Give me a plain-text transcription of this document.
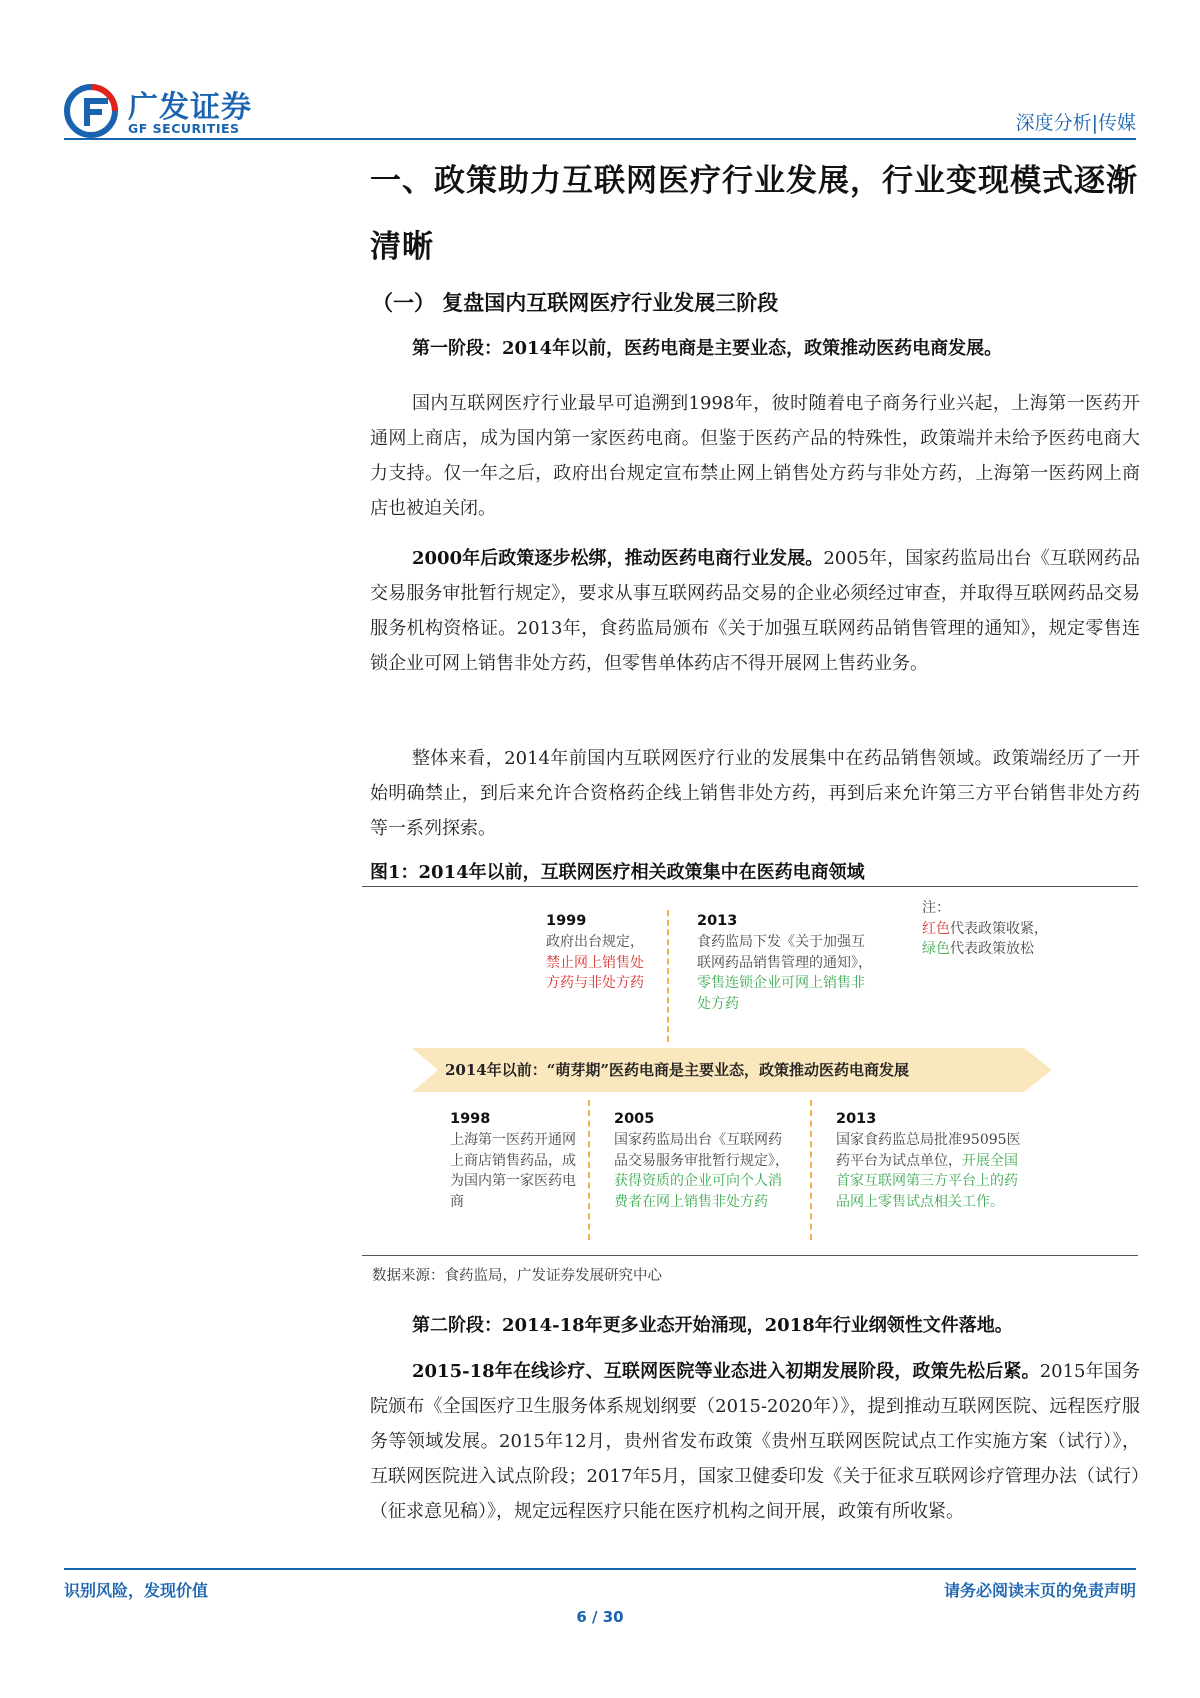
广发证券
GF SECURITIES	深度分析|传媒
一、政策助力互联网医疗行业发展，行业变现模式逐渐清晰
（一） 复盘国内互联网医疗行业发展三阶段
第一阶段：2014年以前，医药电商是主要业态，政策推动医药电商发展。

国内互联网医疗行业最早可追溯到1998年，彼时随着电子商务行业兴起，上海第一医药开通网上商店，成为国内第一家医药电商。但鉴于医药产品的特殊性，政策端并未给予医药电商大力支持。仅一年之后，政府出台规定宣布禁止网上销售处方药与非处方药，上海第一医药网上商店也被迫关闭。

2000年后政策逐步松绑，推动医药电商行业发展。2005年，国家药监局出台《互联网药品交易服务审批暂行规定》，要求从事互联网药品交易的企业必须经过审查，并取得互联网药品交易服务机构资格证。2013年，食药监局颁布《关于加强互联网药品销售管理的通知》，规定零售连锁企业可网上销售非处方药，但零售单体药店不得开展网上售药业务。

整体来看，2014年前国内互联网医疗行业的发展集中在药品销售领域。政策端经历了一开始明确禁止，到后来允许合资格药企线上销售非处方药，再到后来允许第三方平台销售非处方药等一系列探索。

图1：2014年以前，互联网医疗相关政策集中在医药电商领域
1999
政府出台规定，禁止网上销售处方药与非处方药
2013
食药监局下发《关于加强互联网药品销售管理的通知》，零售连锁企业可网上销售非处方药
注：
红色代表政策收紧，
绿色代表政策放松
2014年以前：“萌芽期”医药电商是主要业态，政策推动医药电商发展
1998
上海第一医药开通网上商店销售药品，成为国内第一家医药电商
2005
国家药监局出台《互联网药品交易服务审批暂行规定》，获得资质的企业可向个人消费者在网上销售非处方药
2013
国家食药监总局批准95095医药平台为试点单位，开展全国首家互联网第三方平台上的药品网上零售试点相关工作。
数据来源：食药监局，广发证券发展研究中心
第二阶段：2014-18年更多业态开始涌现，2018年行业纲领性文件落地。

2015-18年在线诊疗、互联网医院等业态进入初期发展阶段，政策先松后紧。2015年国务院颁布《全国医疗卫生服务体系规划纲要（2015-2020年）》，提到推动互联网医院、远程医疗服务等领域发展。2015年12月，贵州省发布政策《贵州互联网医院试点工作实施方案（试行）》，互联网医院进入试点阶段；2017年5月，国家卫健委印发《关于征求互联网诊疗管理办法（试行）（征求意见稿）》，规定远程医疗只能在医疗机构之间开展，政策有所收紧。

识别风险，发现价值	请务必阅读末页的免责声明
6 / 30
